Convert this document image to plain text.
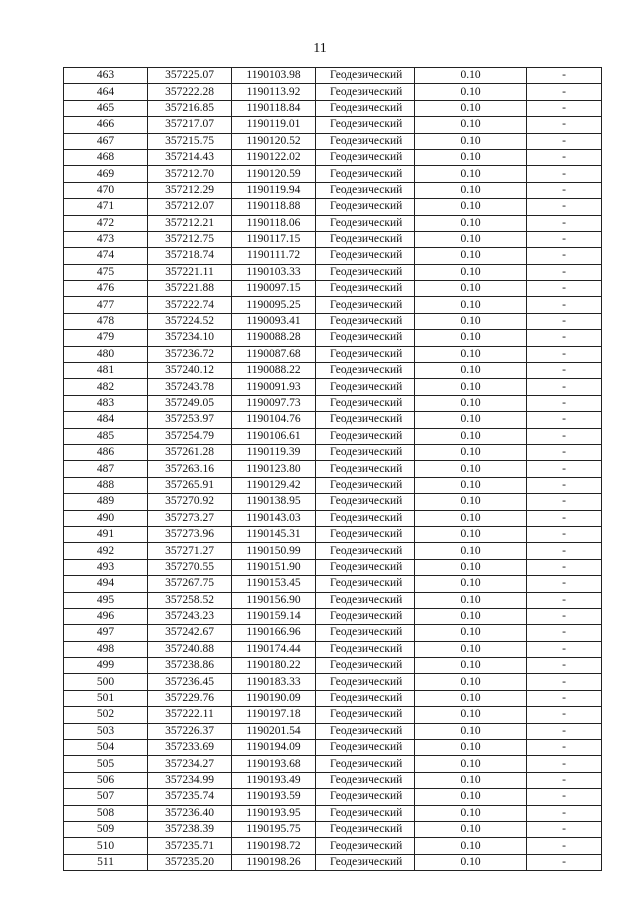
11
463	357225.07	1190103.98	Геодезический	0.10	-
464	357222.28	1190113.92	Геодезический	0.10	-
465	357216.85	1190118.84	Геодезический	0.10	-
466	357217.07	1190119.01	Геодезический	0.10	-
467	357215.75	1190120.52	Геодезический	0.10	-
468	357214.43	1190122.02	Геодезический	0.10	-
469	357212.70	1190120.59	Геодезический	0.10	-
470	357212.29	1190119.94	Геодезический	0.10	-
471	357212.07	1190118.88	Геодезический	0.10	-
472	357212.21	1190118.06	Геодезический	0.10	-
473	357212.75	1190117.15	Геодезический	0.10	-
474	357218.74	1190111.72	Геодезический	0.10	-
475	357221.11	1190103.33	Геодезический	0.10	-
476	357221.88	1190097.15	Геодезический	0.10	-
477	357222.74	1190095.25	Геодезический	0.10	-
478	357224.52	1190093.41	Геодезический	0.10	-
479	357234.10	1190088.28	Геодезический	0.10	-
480	357236.72	1190087.68	Геодезический	0.10	-
481	357240.12	1190088.22	Геодезический	0.10	-
482	357243.78	1190091.93	Геодезический	0.10	-
483	357249.05	1190097.73	Геодезический	0.10	-
484	357253.97	1190104.76	Геодезический	0.10	-
485	357254.79	1190106.61	Геодезический	0.10	-
486	357261.28	1190119.39	Геодезический	0.10	-
487	357263.16	1190123.80	Геодезический	0.10	-
488	357265.91	1190129.42	Геодезический	0.10	-
489	357270.92	1190138.95	Геодезический	0.10	-
490	357273.27	1190143.03	Геодезический	0.10	-
491	357273.96	1190145.31	Геодезический	0.10	-
492	357271.27	1190150.99	Геодезический	0.10	-
493	357270.55	1190151.90	Геодезический	0.10	-
494	357267.75	1190153.45	Геодезический	0.10	-
495	357258.52	1190156.90	Геодезический	0.10	-
496	357243.23	1190159.14	Геодезический	0.10	-
497	357242.67	1190166.96	Геодезический	0.10	-
498	357240.88	1190174.44	Геодезический	0.10	-
499	357238.86	1190180.22	Геодезический	0.10	-
500	357236.45	1190183.33	Геодезический	0.10	-
501	357229.76	1190190.09	Геодезический	0.10	-
502	357222.11	1190197.18	Геодезический	0.10	-
503	357226.37	1190201.54	Геодезический	0.10	-
504	357233.69	1190194.09	Геодезический	0.10	-
505	357234.27	1190193.68	Геодезический	0.10	-
506	357234.99	1190193.49	Геодезический	0.10	-
507	357235.74	1190193.59	Геодезический	0.10	-
508	357236.40	1190193.95	Геодезический	0.10	-
509	357238.39	1190195.75	Геодезический	0.10	-
510	357235.71	1190198.72	Геодезический	0.10	-
511	357235.20	1190198.26	Геодезический	0.10	-
